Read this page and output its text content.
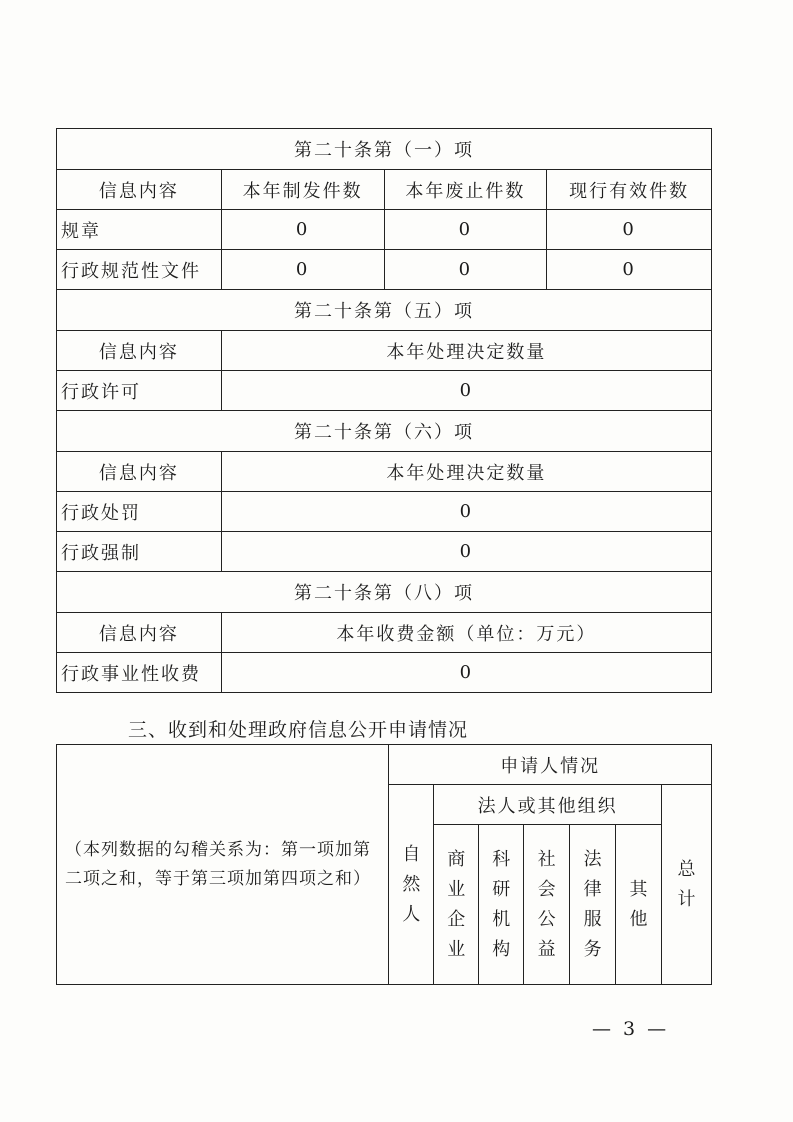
第二十条第（一）项			
信息内容	本年制发件数	本年废止件数	现行有效件数
规章	0	0	0
行政规范性文件	0	0	0
第二十条第（五）项			
信息内容	本年处理决定数量		
行政许可	0		
第二十条第（六）项			
信息内容	本年处理决定数量		
行政处罚	0		
行政强制	0		
第二十条第（八）项			
信息内容	本年收费金额（单位：万元）		
行政事业性收费	0		

三、收到和处理政府信息公开申请情况

（本列数据的勾稽关系为：第一项加第二项之和，等于第三项加第四项之和）	申请人情况						
	自然人	法人或其他组织					总计
		商业企业	科研机构	社会公益	法律服务	其他	
— 3 —
